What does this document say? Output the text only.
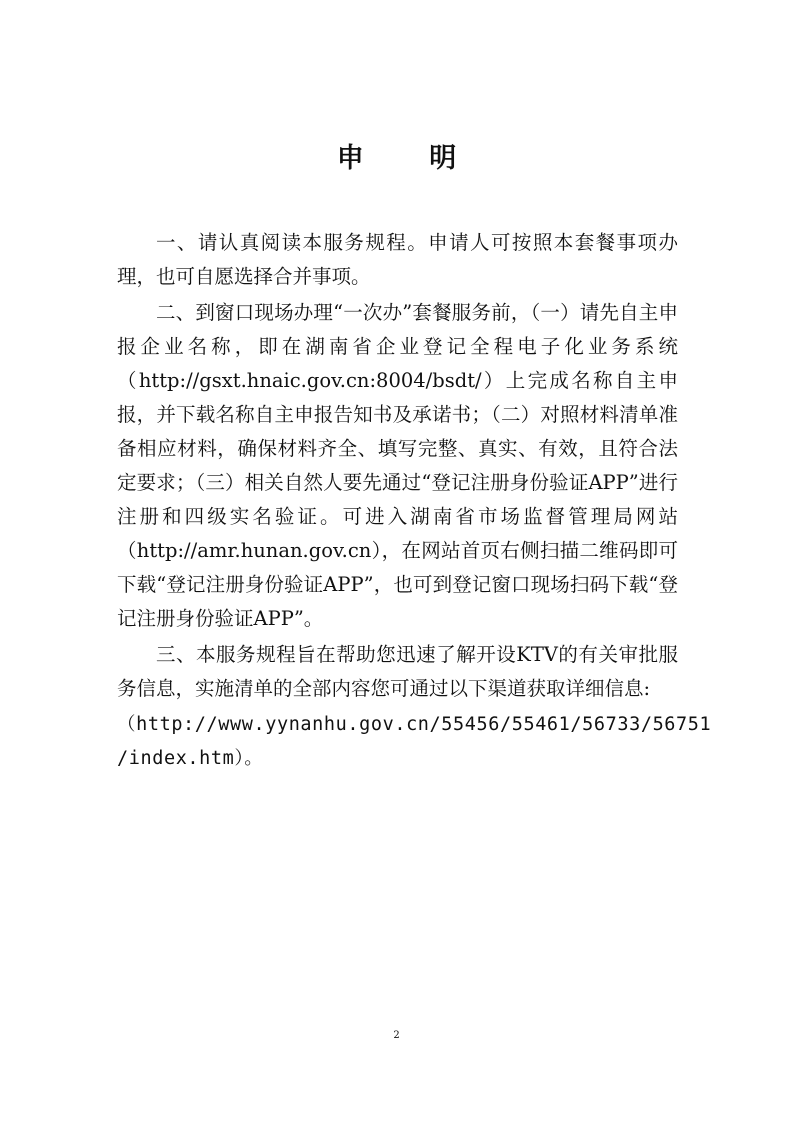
申 明

一、请认真阅读本服务规程。申请人可按照本套餐事项办理，也可自愿选择合并事项。

二、到窗口现场办理“一次办”套餐服务前，（一）请先自主申报企业名称，即在湖南省企业登记全程电子化业务系统（http://gsxt.hnaic.gov.cn:8004/bsdt/）上完成名称自主申报，并下载名称自主申报告知书及承诺书；（二）对照材料清单准备相应材料，确保材料齐全、填写完整、真实、有效，且符合法定要求；（三）相关自然人要先通过“登记注册身份验证APP”进行注册和四级实名验证。可进入湖南省市场监督管理局网站（http://amr.hunan.gov.cn），在网站首页右侧扫描二维码即可下载“登记注册身份验证APP”，也可到登记窗口现场扫码下载“登记注册身份验证APP”。

三、本服务规程旨在帮助您迅速了解开设KTV的有关审批服务信息，实施清单的全部内容您可通过以下渠道获取详细信息:

（http://www.yynanhu.gov.cn/55456/55461/56733/56751

/index.htm）。

2
